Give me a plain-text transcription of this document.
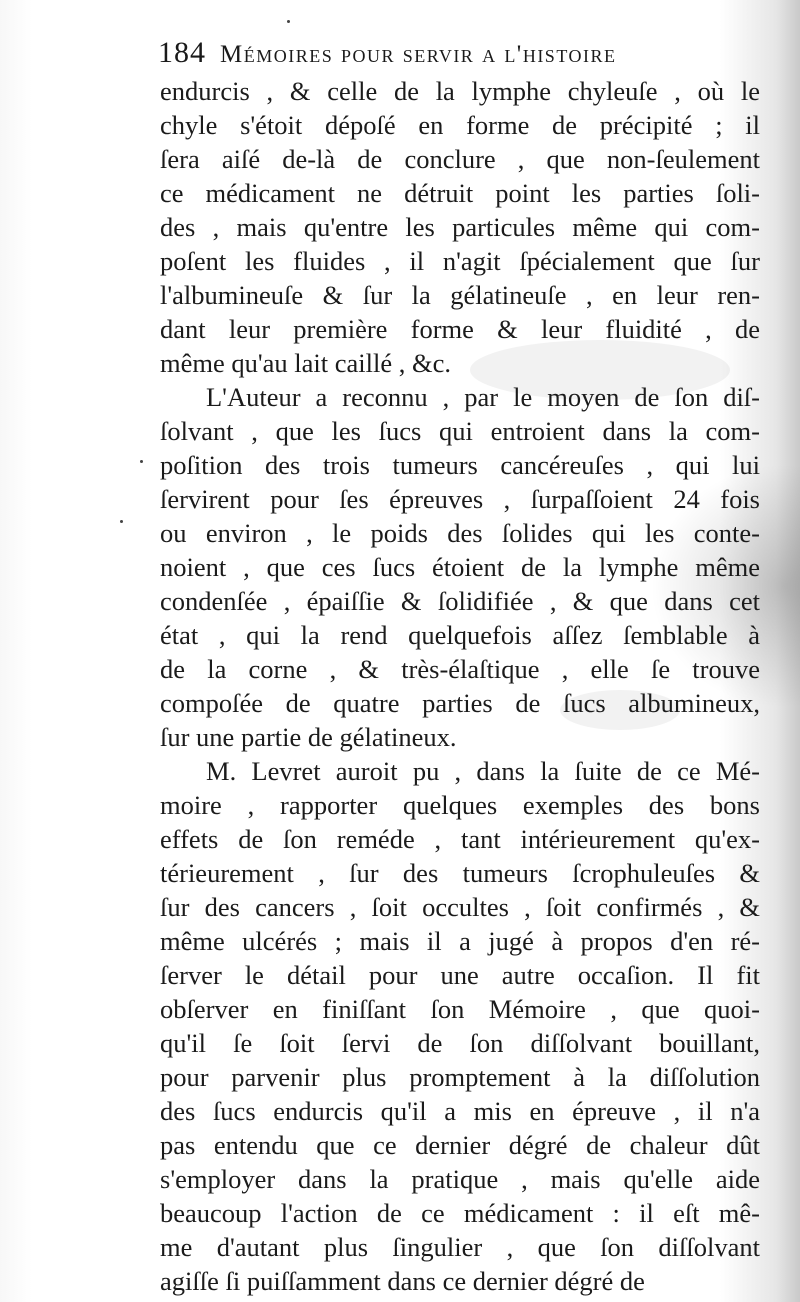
184 Mémoires pour servir a l'histoire
endurcis , & celle de la lymphe chyleuſe , où le
chyle s'étoit dépoſé en forme de précipité ; il
ſera aiſé de-là de conclure , que non-ſeulement
ce médicament ne détruit point les parties ſoli-
des , mais qu'entre les particules même qui com-
poſent les fluides , il n'agit ſpécialement que ſur
l'albumineuſe & ſur la gélatineuſe , en leur ren-
dant leur première forme & leur fluidité , de
même qu'au lait caillé , &c.
L'Auteur a reconnu , par le moyen de ſon diſ-
ſolvant , que les ſucs qui entroient dans la com-
poſition des trois tumeurs cancéreuſes , qui lui
ſervirent pour ſes épreuves , ſurpaſſoient 24 fois
ou environ , le poids des ſolides qui les conte-
noient , que ces ſucs étoient de la lymphe même
condenſée , épaiſſie & ſolidifiée , & que dans cet
état , qui la rend quelquefois aſſez ſemblable à
de la corne , & très-élaſtique , elle ſe trouve
compoſée de quatre parties de ſucs albumineux,
ſur une partie de gélatineux.
M. Levret auroit pu , dans la ſuite de ce Mé-
moire , rapporter quelques exemples des bons
effets de ſon reméde , tant intérieurement qu'ex-
térieurement , ſur des tumeurs ſcrophuleuſes &
ſur des cancers , ſoit occultes , ſoit confirmés , &
même ulcérés ; mais il a jugé à propos d'en ré-
ſerver le détail pour une autre occaſion. Il fit
obſerver en finiſſant ſon Mémoire , que quoi-
qu'il ſe ſoit ſervi de ſon diſſolvant bouillant,
pour parvenir plus promptement à la diſſolution
des ſucs endurcis qu'il a mis en épreuve , il n'a
pas entendu que ce dernier dégré de chaleur dût
s'employer dans la pratique , mais qu'elle aide
beaucoup l'action de ce médicament : il eſt mê-
me d'autant plus ſingulier , que ſon diſſolvant
agiſſe ſi puiſſamment dans ce dernier dégré de
